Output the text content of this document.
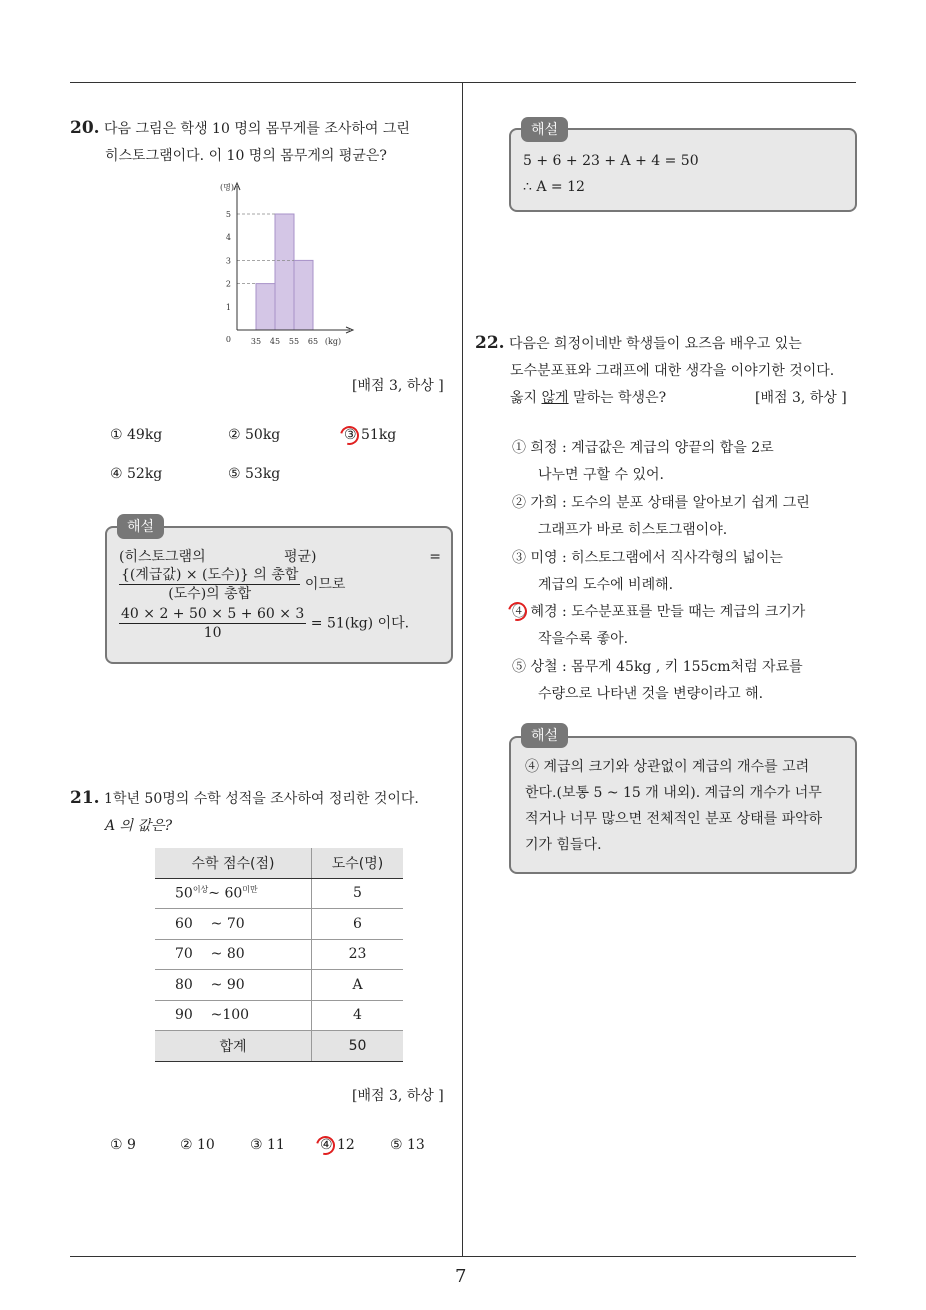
7
20. 다음 그림은 학생 10 명의 몸무게를 조사하여 그린
히스토그램이다. 이 10 명의 몸무게의 평균은?
1
2
3
4
5
35 45 55 65
0
(명)
(kg)
[배점 3, 하상 ]
① 49kg	② 50kg	③ 51kg
④ 52kg	⑤ 53kg
(히스토그램의	평균)	=
$\frac{\text{\{(계급값) × (도수)\} 의 총합}}{\text{(도수)의 총합}}$ 이므로
$\frac{40 \times 2 + 50 \times 5 + 60 \times 3}{10} = 51(kg)$ 이다.
해설
21. 1학년 50명의 수학 성적을 조사하여 정리한 것이다.
A 의 값은?
수학 점수(점)	도수(명)
$50^{이상}\sim$ $60^{미만}$	5
60 ~ 70	6
70 ~ 80	23
80 ~ 90	A
90 ~100	4
합계	50
[배점 3, 하상 ]
① 9	② 10	③ 11	④ 12	⑤ 13
5 + 6 + 23 + A + 4 = 50
∴ A = 12
해설
22. 다음은 희정이네반 학생들이 요즈음 배우고 있는
도수분포표와 그래프에 대한 생각을 이야기한 것이다.
옳지 않게 말하는 학생은?	[배점 3, 하상 ]
① 희정 : 계급값은 계급의 양끝의 합을 2로
나누면 구할 수 있어.
② 가희 : 도수의 분포 상태를 알아보기 쉽게 그린
그래프가 바로 히스토그램이야.
③ 미영 : 히스토그램에서 직사각형의 넓이는
계급의 도수에 비례해.
④ 혜경 : 도수분포표를 만들 때는 계급의 크기가
작을수록 좋아.
⑤ 상철 : 몸무게 45kg , 키 155cm처럼 자료를
수량으로 나타낸 것을 변량이라고 해.
④ 계급의 크기와 상관없이 계급의 개수를 고려
한다.(보통 5 ~ 15 개 내외). 계급의 개수가 너무
적거나 너무 많으면 전체적인 분포 상태를 파악하
기가 힘들다.
해설
